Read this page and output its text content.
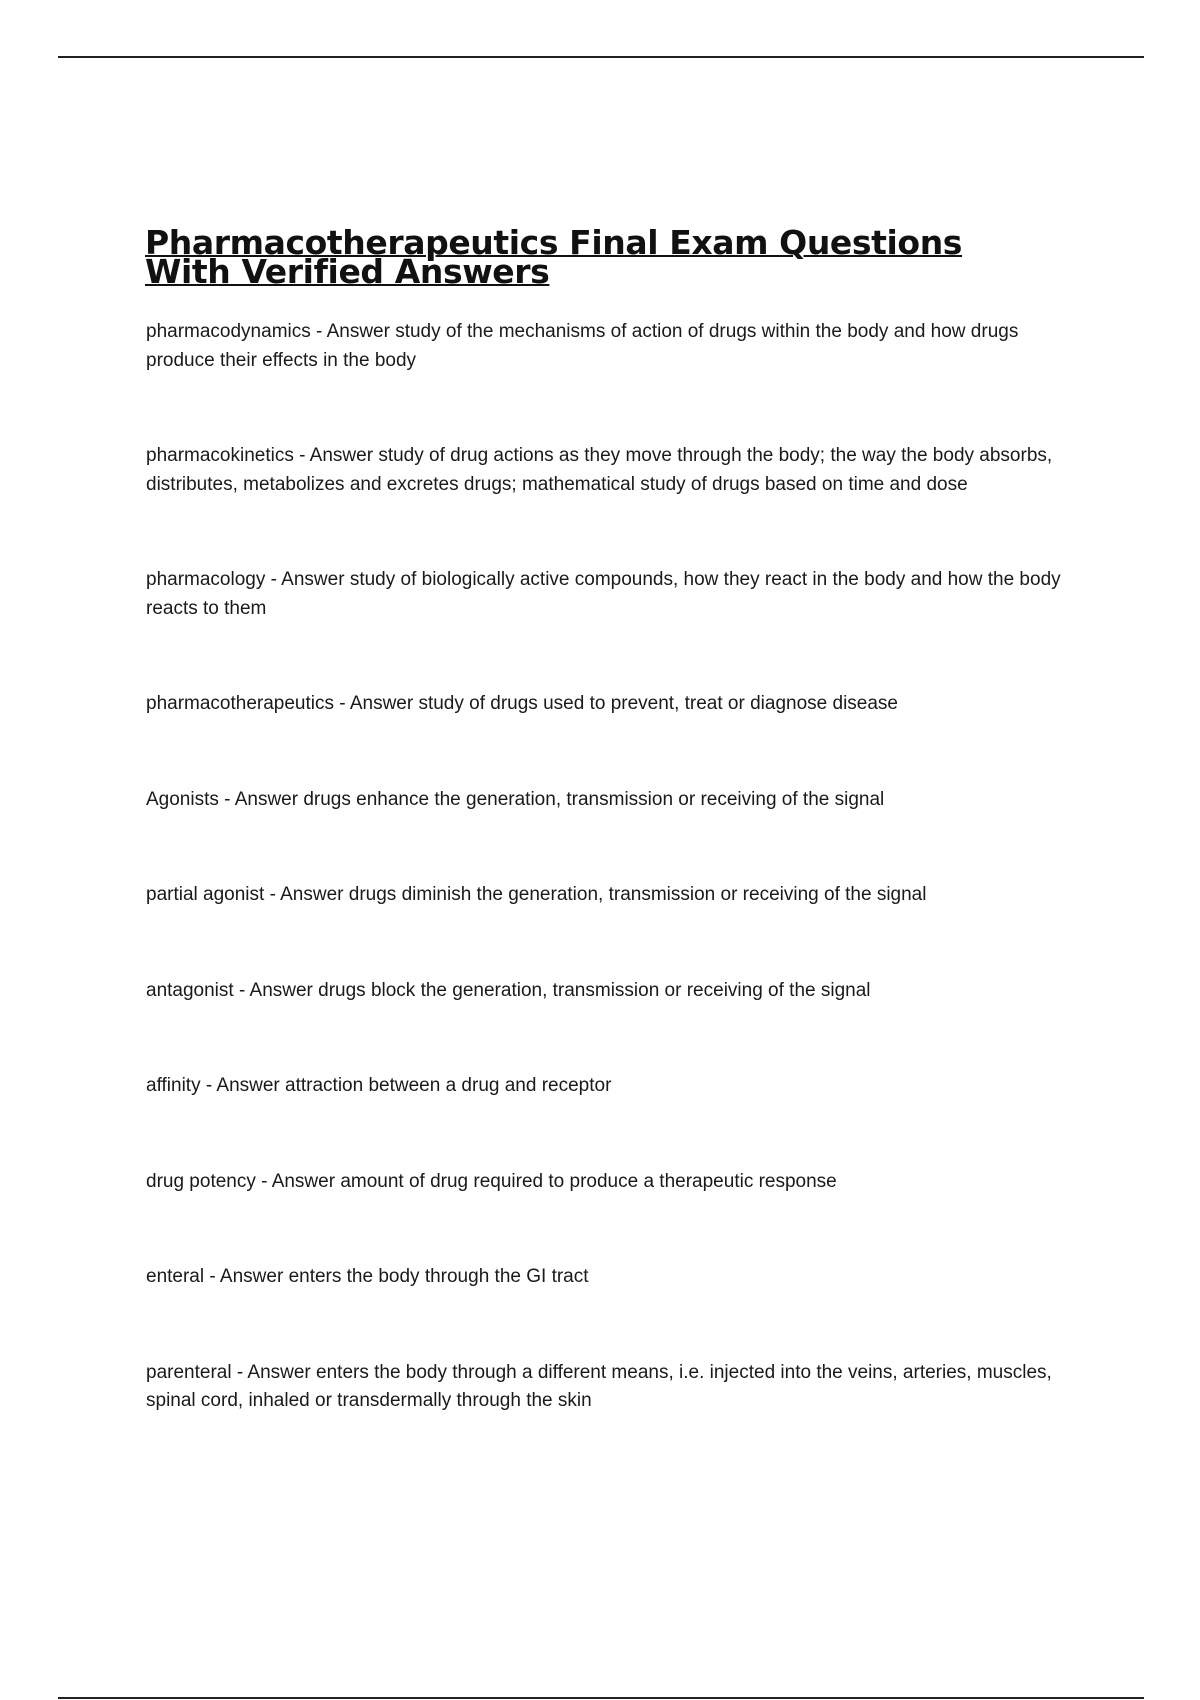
Pharmacotherapeutics Final Exam Questions With Verified Answers

pharmacodynamics - Answer study of the mechanisms of action of drugs within the body and how drugs produce their effects in the body

pharmacokinetics - Answer study of drug actions as they move through the body; the way the body absorbs, distributes, metabolizes and excretes drugs; mathematical study of drugs based on time and dose

pharmacology - Answer study of biologically active compounds, how they react in the body and how the body reacts to them

pharmacotherapeutics - Answer study of drugs used to prevent, treat or diagnose disease

Agonists - Answer drugs enhance the generation, transmission or receiving of the signal

partial agonist - Answer drugs diminish the generation, transmission or receiving of the signal

antagonist - Answer drugs block the generation, transmission or receiving of the signal

affinity - Answer attraction between a drug and receptor

drug potency - Answer amount of drug required to produce a therapeutic response

enteral - Answer enters the body through the GI tract

parenteral - Answer enters the body through a different means, i.e. injected into the veins, arteries, muscles, spinal cord, inhaled or transdermally through the skin
